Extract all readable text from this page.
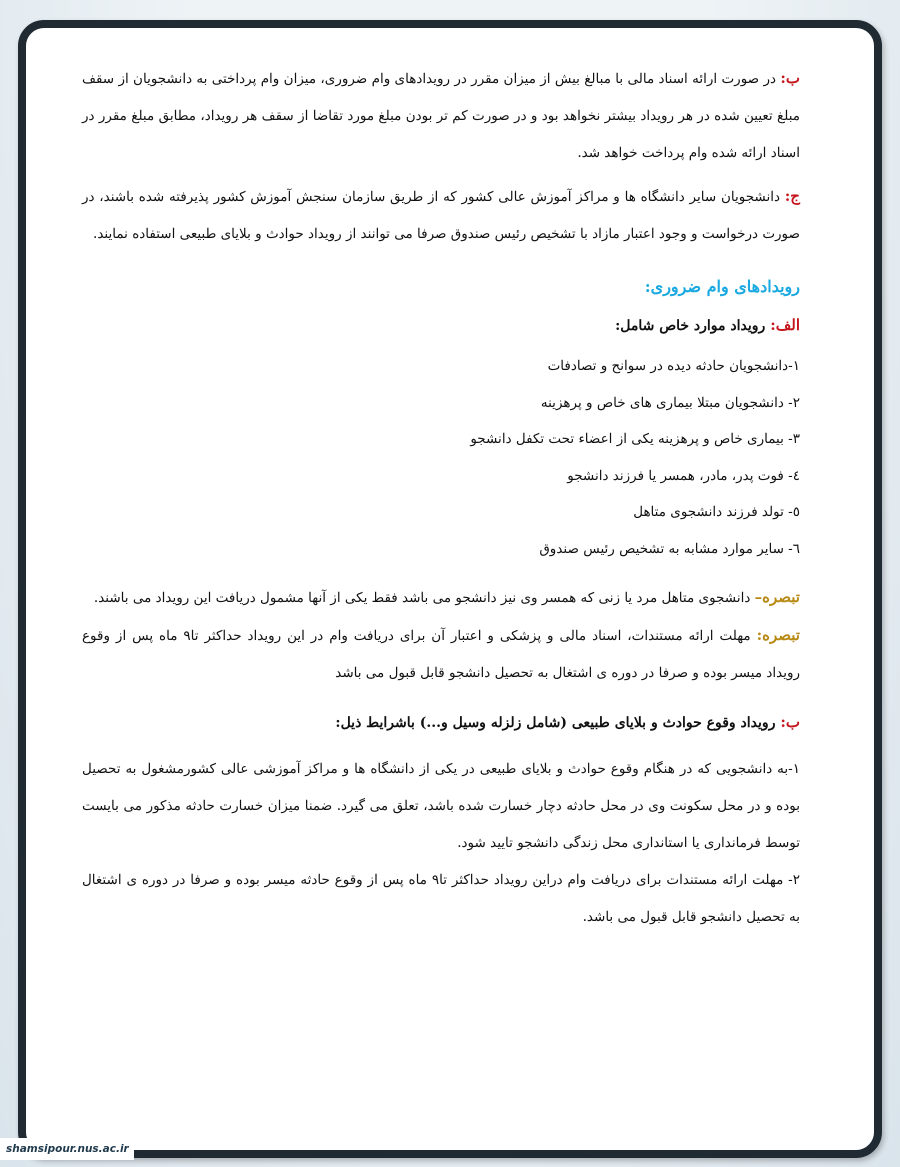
ب: در صورت ارائه اسناد مالی با مبالغ بیش از میزان مقرر در رویدادهای وام ضروری، میزان وام پرداختی به دانشجویان از سقف مبلغ تعیین شده در هر رویداد بیشتر نخواهد بود و در صورت کم تر بودن مبلغ مورد تقاضا از سقف هر رویداد، مطابق مبلغ مقرر در اسناد ارائه شده وام پرداخت خواهد شد.

ج: دانشجویان سایر دانشگاه ها و مراکز آموزش عالی کشور که از طریق سازمان سنجش آموزش کشور پذیرفته شده باشند، در صورت درخواست و وجود اعتبار مازاد با تشخیص رئیس صندوق صرفا می توانند از رویداد حوادث و بلایای طبیعی استفاده نمایند.

رویدادهای وام ضروری:
الف: رویداد موارد خاص شامل:
۱-دانشجویان حادثه دیده در سوانح و تصادفات
۲- دانشجویان مبتلا بیماری های خاص و پرهزینه
۳- بیماری خاص و پرهزینه یکی از اعضاء تحت تکفل دانشجو
٤- فوت پدر، مادر، همسر یا فرزند دانشجو
٥- تولد فرزند دانشجوی متاهل
٦- سایر موارد مشابه به تشخیص رئیس صندوق

تبصره– دانشجوی متاهل مرد یا زنی که همسر وی نیز دانشجو می باشد فقط یکی از آنها مشمول دریافت این رویداد می باشند.

تبصره: مهلت ارائه مستندات، اسناد مالی و پزشکی و اعتبار آن برای دریافت وام در این رویداد حداکثر تا۹ ماه پس از وقوع رویداد میسر بوده و صرفا در دوره ی اشتغال به تحصیل دانشجو قابل قبول می باشد

ب: رویداد وقوع حوادث و بلایای طبیعی (شامل زلزله وسیل و...) باشرایط ذیل:

۱-به دانشجویی که در هنگام وقوع حوادث و بلایای طبیعی در یکی از دانشگاه ها و مراکز آموزشی عالی کشورمشغول به تحصیل بوده و در محل سکونت وی در محل حادثه دچار خسارت شده باشد، تعلق می گیرد. ضمنا میزان خسارت حادثه مذکور می بایست توسط فرمانداری یا استانداری محل زندگی دانشجو تایید شود.

۲- مهلت ارائه مستندات برای دریافت وام دراین رویداد حداکثر تا۹ ماه پس از وقوع حادثه میسر بوده و صرفا در دوره ی اشتغال به تحصیل دانشجو قابل قبول می باشد.

shamsipour.nus.ac.ir
